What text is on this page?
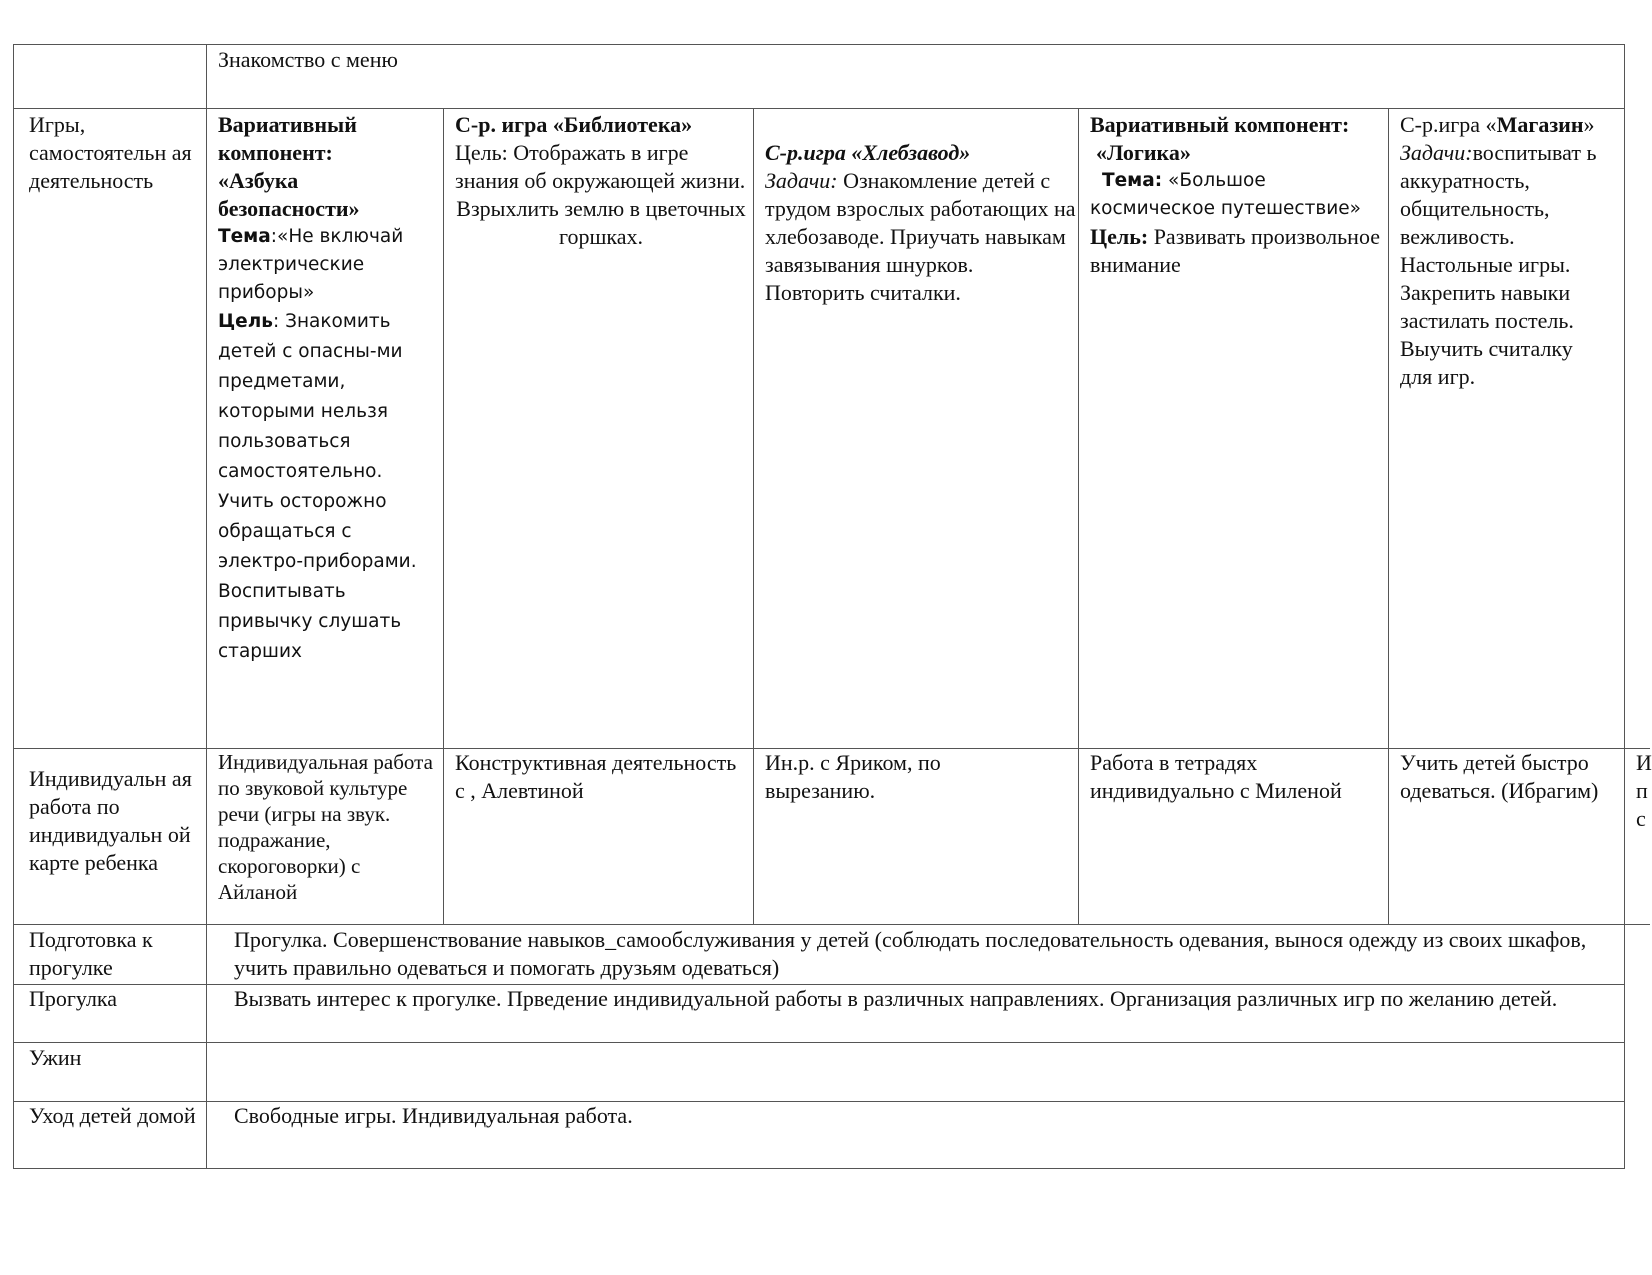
Знакомство с меню

Игры, самостоятельн ая деятельность

Вариативный компонент:

«Азбука безопасности»

Тема:«Не включай электрические приборы»

Цель: Знакомить детей с опасны-ми предметами, которыми нельзя пользоваться самостоятельно. Учить осторожно обращаться с электро-приборами. Воспитывать привычку слушать старших

С-р. игра «Библиотека»

Цель: Отображать в игре знания об окружающей жизни.

Взрыхлить землю в цветочных горшках.

С-р.игра «Хлебзавод»

Задачи: Ознакомление детей с трудом взрослых работающих на хлебозаводе. Приучать навыкам завязывания шнурков. Повторить считалки.

Вариативный компонент:

«Логика»

Тема: «Большое космическое путешествие»

Цель: Развивать произвольное внимание

С-р.игра «Магазин»

Задачи:воспитыват ь аккуратность, общительность, вежливость. Настольные игры. Закрепить навыки застилать постель. Выучить считалку для игр.

Индивидуальн ая работа по индивидуальн ой карте ребенка

Индивидуальная работа по звуковой культуре речи (игры на звук. подражание, скороговорки) с Айланой

Конструктивная деятельность

с , Алевтиной

Ин.р. с Яриком, по вырезанию.

Работа в тетрадях индивидуально с Миленой

Учить детей быстро одеваться. (Ибрагим)

И п с

Подготовка к прогулке

Прогулка. Совершенствование навыков_самообслуживания у детей (соблюдать последовательность одевания, вынося одежду из своих шкафов, учить правильно одеваться и помогать друзьям одеваться)

Прогулка	Вызвать интерес к прогулке. Прведение индивидуальной работы в различных направлениях. Организация различных игр по желанию детей.

Ужин

Уход детей домой Свободные игры. Индивидуальная работа.
